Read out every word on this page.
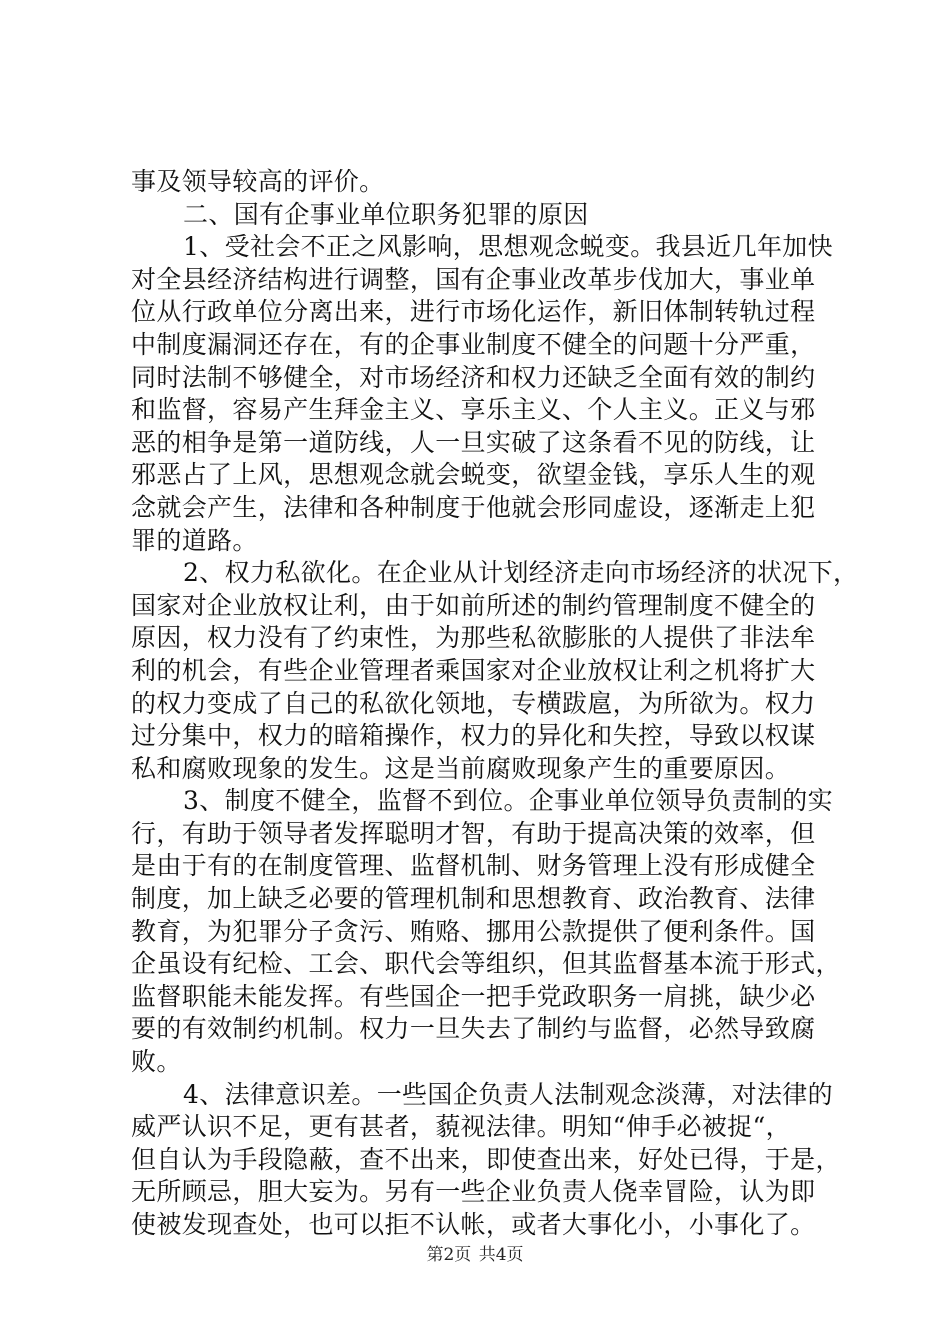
事及领导较高的评价。
二、国有企事业单位职务犯罪的原因
1、受社会不正之风影响，思想观念蜕变。我县近几年加快
对全县经济结构进行调整，国有企事业改革步伐加大，事业单
位从行政单位分离出来，进行市场化运作，新旧体制转轨过程
中制度漏洞还存在，有的企事业制度不健全的问题十分严重，
同时法制不够健全，对市场经济和权力还缺乏全面有效的制约
和监督，容易产生拜金主义、享乐主义、个人主义。正义与邪
恶的相争是第一道防线，人一旦实破了这条看不见的防线，让
邪恶占了上风，思想观念就会蜕变，欲望金钱，享乐人生的观
念就会产生，法律和各种制度于他就会形同虚设，逐渐走上犯
罪的道路。
2、权力私欲化。在企业从计划经济走向市场经济的状况下，
国家对企业放权让利，由于如前所述的制约管理制度不健全的
原因，权力没有了约束性，为那些私欲膨胀的人提供了非法牟
利的机会，有些企业管理者乘国家对企业放权让利之机将扩大
的权力变成了自己的私欲化领地，专横跋扈，为所欲为。权力
过分集中，权力的暗箱操作，权力的异化和失控，导致以权谋
私和腐败现象的发生。这是当前腐败现象产生的重要原因。
3、制度不健全，监督不到位。企事业单位领导负责制的实
行，有助于领导者发挥聪明才智，有助于提高决策的效率，但
是由于有的在制度管理、监督机制、财务管理上没有形成健全
制度，加上缺乏必要的管理机制和思想教育、政治教育、法律
教育，为犯罪分子贪污、贿赂、挪用公款提供了便利条件。国
企虽设有纪检、工会、职代会等组织，但其监督基本流于形式，
监督职能未能发挥。有些国企一把手党政职务一肩挑，缺少必
要的有效制约机制。权力一旦失去了制约与监督，必然导致腐
败。
4、法律意识差。一些国企负责人法制观念淡薄，对法律的
威严认识不足，更有甚者，藐视法律。明知“伸手必被捉“，
但自认为手段隐蔽，查不出来，即使查出来，好处已得，于是，
无所顾忌，胆大妄为。另有一些企业负责人侥幸冒险，认为即
使被发现查处，也可以拒不认帐，或者大事化小，小事化了。
第2页 共4页
